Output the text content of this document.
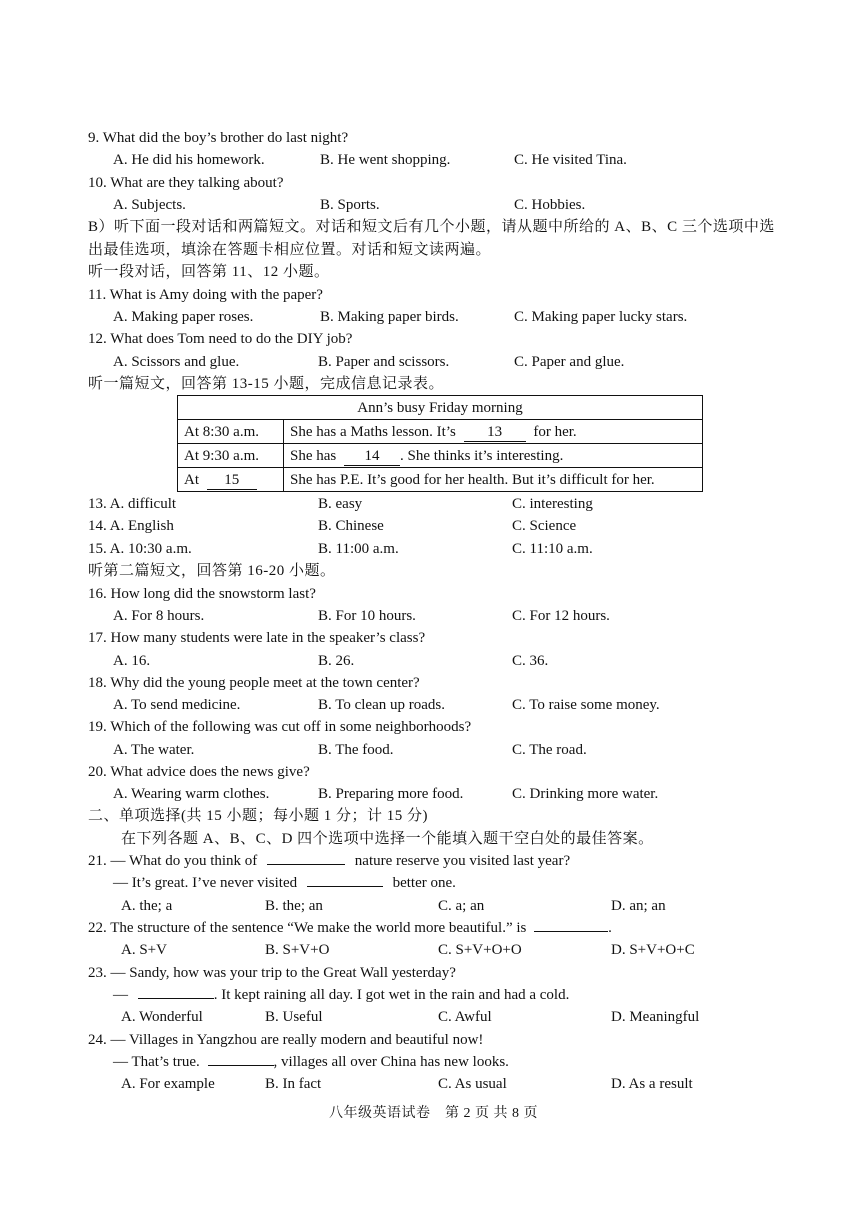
9. What did the boy’s brother do last night?
A. He did his homework.	B. He went shopping.	C. He visited Tina.
10. What are they talking about?
A. Subjects.	B. Sports.	C. Hobbies.
B）听下面一段对话和两篇短文。对话和短文后有几个小题，请从题中所给的 A、B、C 三个选项中选
出最佳选项，填涂在答题卡相应位置。对话和短文读两遍。
听一段对话，回答第 11、12 小题。
11. What is Amy doing with the paper?
A. Making paper roses.	B. Making paper birds.	C. Making paper lucky stars.
12. What does Tom need to do the DIY job?
A. Scissors and glue.	B. Paper and scissors.	C. Paper and glue.
听一篇短文，回答第 13-15 小题，完成信息记录表。
Ann’s busy Friday morning	
At 8:30 a.m.	She has a Maths lesson. It’s 13 for her.
At 9:30 a.m.	She has 14 . She thinks it’s interesting.
At 15	She has P.E. It’s good for her health. But it’s difficult for her.
13. A. difficult	B. easy	C. interesting
14. A. English	B. Chinese	C. Science
15. A. 10:30 a.m.	B. 11:00 a.m.	C. 11:10 a.m.
听第二篇短文，回答第 16-20 小题。
16. How long did the snowstorm last?
A. For 8 hours.	B. For 10 hours.	C. For 12 hours.
17. How many students were late in the speaker’s class?
A. 16.	B. 26.	C. 36.
18. Why did the young people meet at the town center?
A. To send medicine.	B. To clean up roads.	C. To raise some money.
19. Which of the following was cut off in some neighborhoods?
A. The water.	B. The food.	C. The road.
20. What advice does the news give?
A. Wearing warm clothes.	B. Preparing more food.	C. Drinking more water.
二、单项选择(共 15 小题；每小题 1 分；计 15 分)
在下列各题 A、B、C、D 四个选项中选择一个能填入题干空白处的最佳答案。
21. — What do you think of	nature reserve you visited last year?
— It’s great. I’ve never visited	better one.
A. the; a	B. the; an	C. a; an	D. an; an
22. The structure of the sentence “We make the world more beautiful.” is	.
A. S+V	B. S+V+O	C. S+V+O+O	D. S+V+O+C
23. — Sandy, how was your trip to the Great Wall yesterday?
—	. It kept raining all day. I got wet in the rain and had a cold.
A. Wonderful	B. Useful	C. Awful	D. Meaningful
24. — Villages in Yangzhou are really modern and beautiful now!
— That’s true.	, villages all over China has new looks.
A. For example	B. In fact	C. As usual	D. As a result
八年级英语试卷　第 2 页 共 8 页
